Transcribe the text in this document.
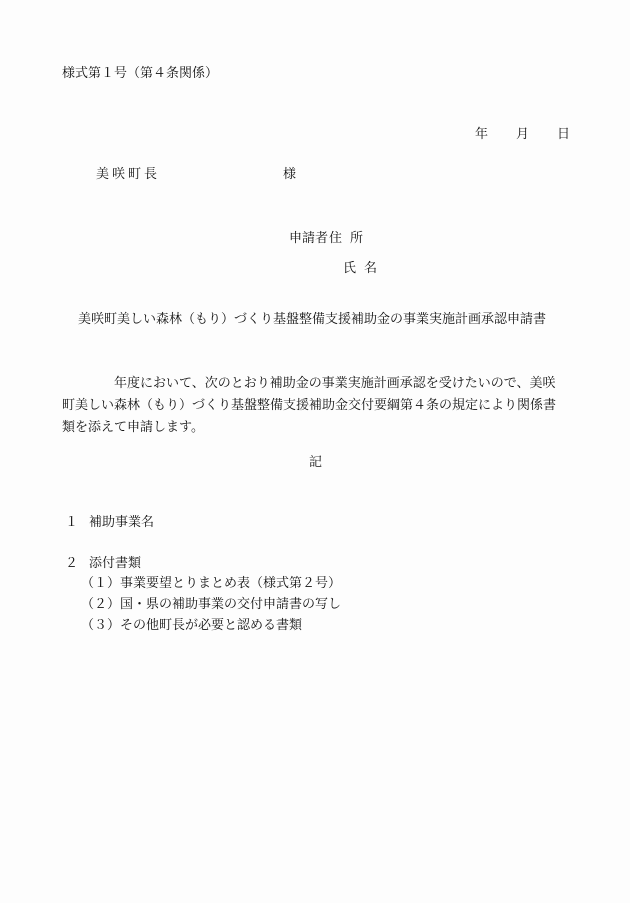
様式第１号（第４条関係）
年 月 日
美咲町長	様
申請者 住所
氏名
美咲町美しい森林（もり）づくり基盤整備支援補助金の事業実施計画承認申請書

年度において、次のとおり補助金の事業実施計画承認を受けたいので、美咲

町美しい森林（もり）づくり基盤整備支援補助金交付要綱第４条の規定により関係書

類を添えて申請します。

記
１ 補助事業名
２ 添付書類
（１）事業要望とりまとめ表（様式第２号）
（２）国・県の補助事業の交付申請書の写し
（３）その他町長が必要と認める書類
